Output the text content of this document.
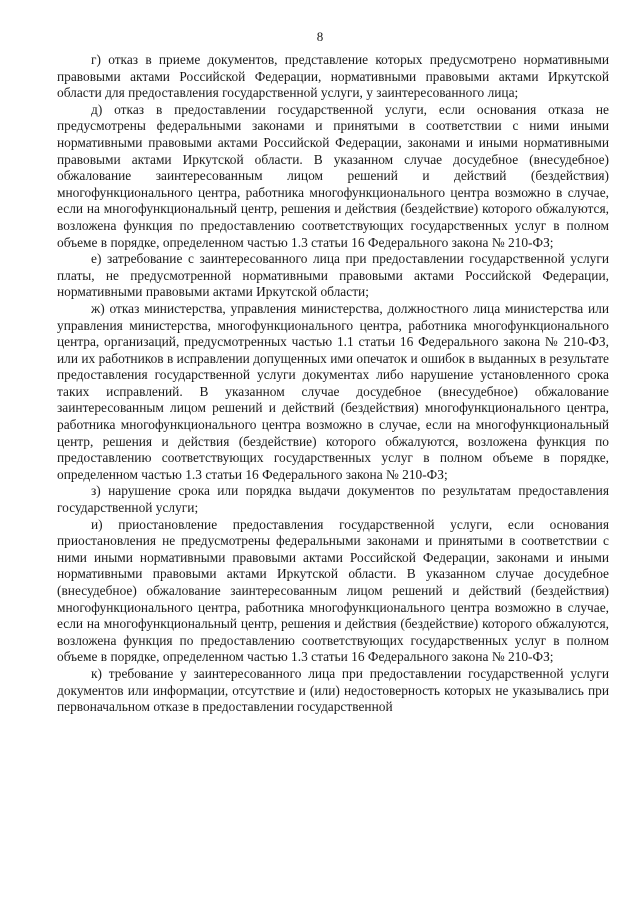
8

г) отказ в приеме документов, представление которых предусмотрено нормативными правовыми актами Российской Федерации, нормативными правовыми актами Иркутской области для предоставления государственной услуги, у заинтересованного лица;

д) отказ в предоставлении государственной услуги, если основания отказа не предусмотрены федеральными законами и принятыми в соответствии с ними иными нормативными правовыми актами Российской Федерации, законами и иными нормативными правовыми актами Иркутской области. В указанном случае досудебное (внесудебное) обжалование заинтересованным лицом решений и действий (бездействия) многофункционального центра, работника многофункционального центра возможно в случае, если на многофункциональный центр, решения и действия (бездействие) которого обжалуются, возложена функция по предоставлению соответствующих государственных услуг в полном объеме в порядке, определенном частью 1.3 статьи 16 Федерального закона № 210-ФЗ;

е) затребование с заинтересованного лица при предоставлении государственной услуги платы, не предусмотренной нормативными правовыми актами Российской Федерации, нормативными правовыми актами Иркутской области;

ж) отказ министерства, управления министерства, должностного лица министерства или управления министерства, многофункционального центра, работника многофункционального центра, организаций, предусмотренных частью 1.1 статьи 16 Федерального закона № 210-ФЗ, или их работников в исправлении допущенных ими опечаток и ошибок в выданных в результате предоставления государственной услуги документах либо нарушение установленного срока таких исправлений. В указанном случае досудебное (внесудебное) обжалование заинтересованным лицом решений и действий (бездействия) многофункционального центра, работника многофункционального центра возможно в случае, если на многофункциональный центр, решения и действия (бездействие) которого обжалуются, возложена функция по предоставлению соответствующих государственных услуг в полном объеме в порядке, определенном частью 1.3 статьи 16 Федерального закона № 210-ФЗ;

з) нарушение срока или порядка выдачи документов по результатам предоставления государственной услуги;

и) приостановление предоставления государственной услуги, если основания приостановления не предусмотрены федеральными законами и принятыми в соответствии с ними иными нормативными правовыми актами Российской Федерации, законами и иными нормативными правовыми актами Иркутской области. В указанном случае досудебное (внесудебное) обжалование заинтересованным лицом решений и действий (бездействия) многофункционального центра, работника многофункционального центра возможно в случае, если на многофункциональный центр, решения и действия (бездействие) которого обжалуются, возложена функция по предоставлению соответствующих государственных услуг в полном объеме в порядке, определенном частью 1.3 статьи 16 Федерального закона № 210-ФЗ;

к) требование у заинтересованного лица при предоставлении государственной услуги документов или информации, отсутствие и (или) недостоверность которых не указывались при первоначальном отказе в предоставлении государственной
